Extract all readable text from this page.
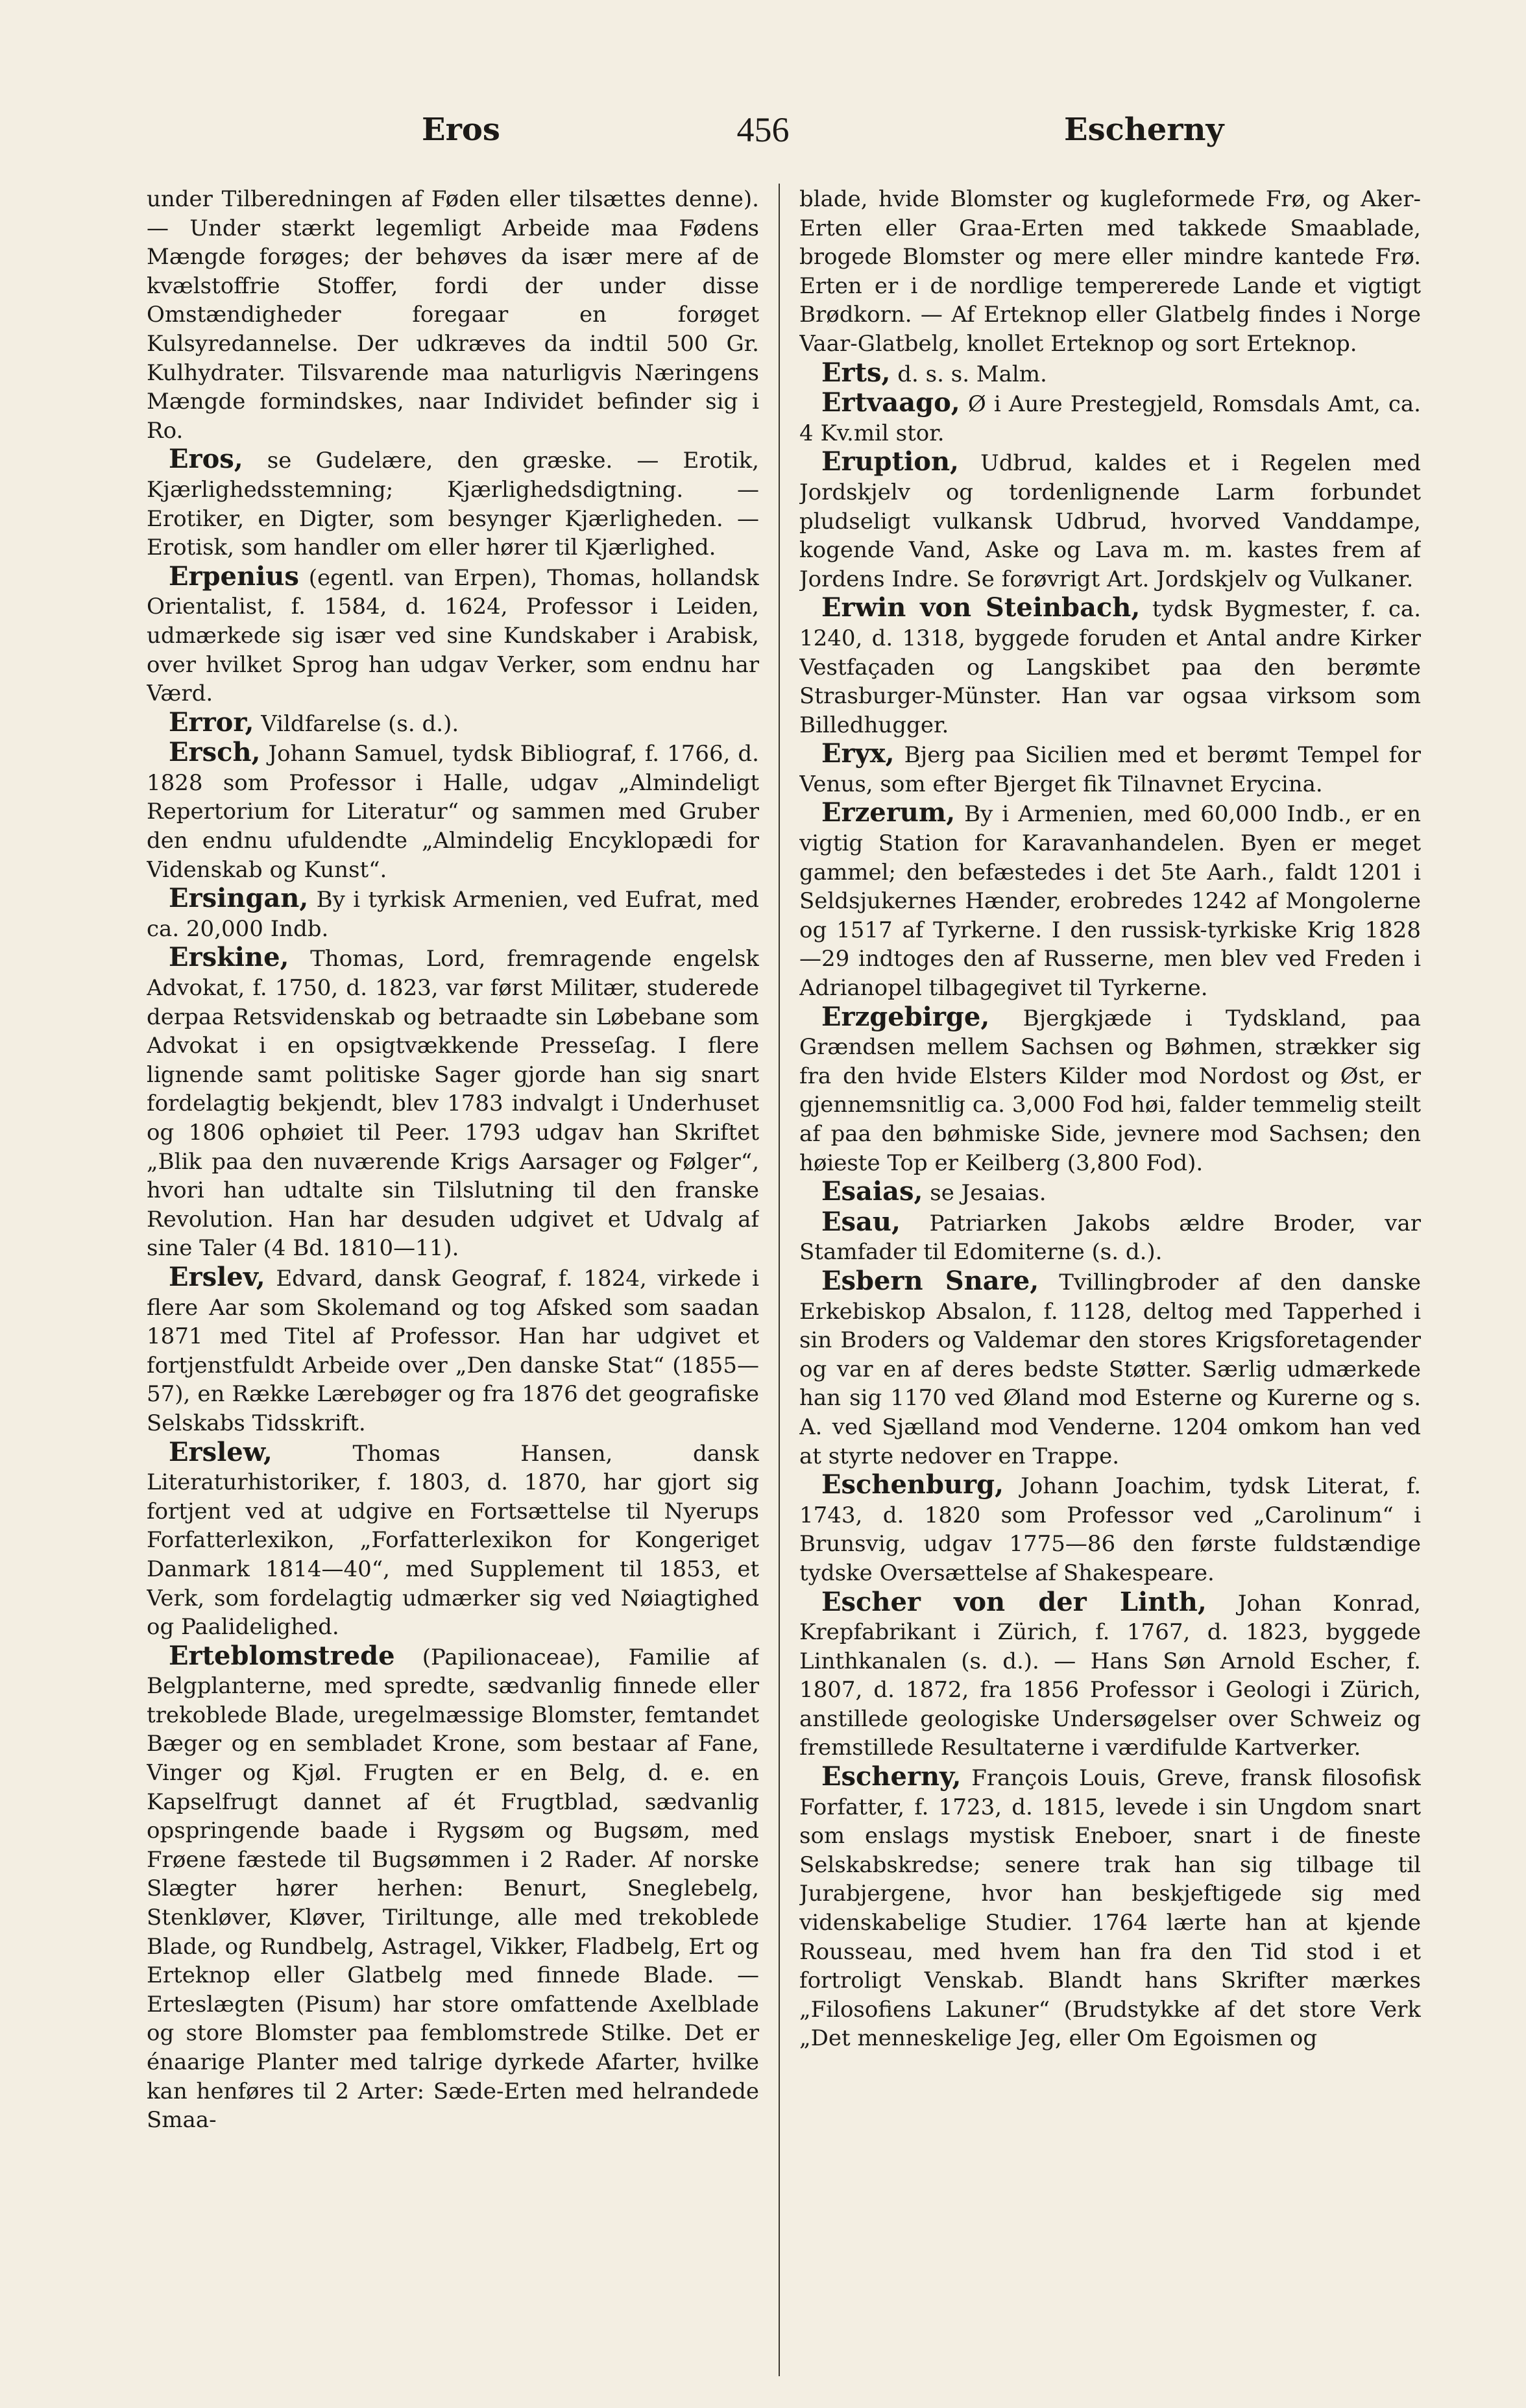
Eros	456	Escherny

under Tilberedningen af Føden eller tilsættes denne). — Under stærkt legemligt Arbeide maa Fødens Mængde forøges; der behøves da især mere af de kvælstoffrie Stoffer, fordi der under disse Omstændigheder foregaar en forøget Kulsyredannelse. Der udkræves da indtil 500 Gr. Kulhydrater. Tilsvarende maa naturligvis Næringens Mængde formindskes, naar Individet befinder sig i Ro.

Eros, se Gudelære, den græske. — Erotik, Kjærlighedsstemning; Kjærlighedsdigtning. — Erotiker, en Digter, som besynger Kjærligheden. — Erotisk, som handler om eller hører til Kjærlighed.

Erpenius (egentl. van Erpen), Thomas, hollandsk Orientalist, f. 1584, d. 1624, Professor i Leiden, udmærkede sig især ved sine Kundskaber i Arabisk, over hvilket Sprog han udgav Verker, som endnu har Værd.

Error, Vildfarelse (s. d.).

Ersch, Johann Samuel, tydsk Bibliograf, f. 1766, d. 1828 som Professor i Halle, udgav „Almindeligt Repertorium for Literatur“ og sammen med Gruber den endnu ufuldendte „Almindelig Encyklopædi for Videnskab og Kunst“.

Ersingan, By i tyrkisk Armenien, ved Eufrat, med ca. 20,000 Indb.

Erskine, Thomas, Lord, fremragende engelsk Advokat, f. 1750, d. 1823, var først Militær, studerede derpaa Retsvidenskab og betraadte sin Løbebane som Advokat i en opsigtvækkende Presseſag. I flere lignende samt politiske Sager gjorde han sig snart fordelagtig bekjendt, blev 1783 indvalgt i Underhuset og 1806 ophøiet til Peer. 1793 udgav han Skriftet „Blik paa den nuværende Krigs Aarsager og Følger“, hvori han udtalte sin Tilslutning til den franske Revolution. Han har desuden udgivet et Udvalg af sine Taler (4 Bd. 1810—11).

Erslev, Edvard, dansk Geograf, f. 1824, virkede i flere Aar som Skolemand og tog Afsked som saadan 1871 med Titel af Professor. Han har udgivet et fortjenstfuldt Arbeide over „Den danske Stat“ (1855—57), en Række Lærebøger og fra 1876 det geografiske Selskabs Tidsskrift.

Erslew,	Thomas Hansen, dansk Literaturhistoriker, f. 1803, d. 1870, har gjort sig fortjent ved at udgive en Fortsættelse til Nyerups Forfatterlexikon, „Forfatterlexikon for Kongeriget Danmark 1814—40“, med Supplement til 1853, et Verk, som fordelagtig udmærker sig ved Nøiagtighed og Paalidelighed.

Erteblomstrede (Papilionaceae), Familie af Belgplanterne, med spredte, sædvanlig finnede eller trekoblede Blade, uregelmæssige Blomster, femtandet Bæger og en sembladet Krone, som bestaar af Fane, Vinger og Kjøl. Frugten er en Belg, d. e. en Kapselfrugt dannet af ét Frugtblad, sædvanlig opspringende baade i Rygsøm og Bugsøm, med Frøene fæstede til Bugsømmen i 2 Rader. Af norske Slægter hører herhen: Benurt, Sneglebelg, Stenkløver, Kløver, Tiriltunge, alle med trekoblede Blade, og Rundbelg, Astragel, Vikker, Fladbelg, Ert og Erteknop eller Glatbelg med finnede Blade. — Erteslægten (Pisum) har store omfattende Axelblade og store Blomster paa femblomstrede Stilke. Det er énaarige Planter med talrige dyrkede Afarter, hvilke kan henføres til 2 Arter: Sæde-Erten med helrandede Smaa-

blade, hvide Blomster og kugleformede Frø, og Aker-Erten eller Graa-Erten med takkede Smaablade, brogede Blomster og mere eller mindre kantede Frø. Erten er i de nordlige tempererede Lande et vigtigt Brødkorn. — Af Erteknop eller Glatbelg findes i Norge Vaar-Glatbelg, knollet Erteknop og sort Erteknop.

Erts, d. s. s. Malm.

Ertvaago, Ø i Aure Prestegjeld, Romsdals Amt, ca. 4 Kv.mil stor.

Eruption, Udbrud, kaldes et i Regelen med Jordskjelv og tordenlignende Larm forbundet pludseligt vulkansk Udbrud, hvorved Vanddampe, kogende Vand, Aske og Lava m. m. kastes frem af Jordens Indre. Se forøvrigt Art. Jordskjelv og Vulkaner.

Erwin von Steinbach, tydsk Bygmester, f. ca. 1240, d. 1318, byggede foruden et Antal andre Kirker Vestfaçaden og Langskibet paa den berømte Strasburger-Münster. Han var ogsaa virksom som Billedhugger.

Eryx, Bjerg paa Sicilien med et berømt Tempel for Venus, som efter Bjerget fik Tilnavnet Erycina.

Erzerum, By i Armenien, med 60,000 Indb., er en vigtig Station for Karavanhandelen. Byen er meget gammel; den befæstedes i det 5te Aarh., faldt 1201 i Seldsjukernes Hænder, erobredes 1242 af Mongolerne og 1517 af Tyrkerne. I den russisk-tyrkiske Krig 1828—29 indtoges den af Russerne, men blev ved Freden i Adrianopel tilbagegivet til Tyrkerne.

Erzgebirge, Bjergkjæde i Tydskland, paa Grændsen mellem Sachsen og Bøhmen, strækker sig fra den hvide Elsters Kilder mod Nordost og Øst, er gjennemsnitlig ca. 3,000 Fod høi, falder temmelig steilt af paa den bøhmiske Side, jevnere mod Sachsen; den høieste Top er Keilberg (3,800 Fod).

Esaias, se Jesaias.

Esau, Patriarken Jakobs ældre Broder, var Stamfader til Edomiterne (s. d.).

Esbern Snare, Tvillingbroder af den danske Erkebiskop Absalon, f. 1128, deltog med Tapperhed i sin Broders og Valdemar den stores Krigsforetagender og var en af deres bedste Støtter. Særlig udmærkede han sig 1170 ved Øland mod Esterne og Kurerne og s. A. ved Sjælland mod Venderne. 1204 omkom han ved at styrte nedover en Trappe.

Eschenburg, Johann Joachim, tydsk Literat, f. 1743, d. 1820 som Professor ved „Carolinum“ i Brunsvig, udgav 1775—86 den første fuldstændige tydske Oversættelse af Shakespeare.

Escher von der Linth, Johan Konrad, Krepfabrikant i Zürich, f. 1767, d. 1823, byggede Linthkanalen (s. d.). — Hans Søn Arnold Escher, f. 1807, d. 1872, fra 1856 Professor i Geologi i Zürich, anstillede geologiske Undersøgelser over Schweiz og fremstillede Resultaterne i værdifulde Kartverker.

Escherny, François Louis, Greve, fransk filosofisk Forfatter, f. 1723, d. 1815, levede i sin Ungdom snart som enslags mystisk Eneboer, snart i de fineste Selskabskredse; senere trak han sig tilbage til Jurabjergene, hvor han beskjeftigede sig med videnskabelige Studier. 1764 lærte han at kjende Rousseau, med hvem han fra den Tid stod i et fortroligt Venskab. Blandt hans Skrifter mærkes „Filosofiens Lakuner“ (Brudstykke af det store Verk „Det menneskelige Jeg, eller Om Egoismen og
